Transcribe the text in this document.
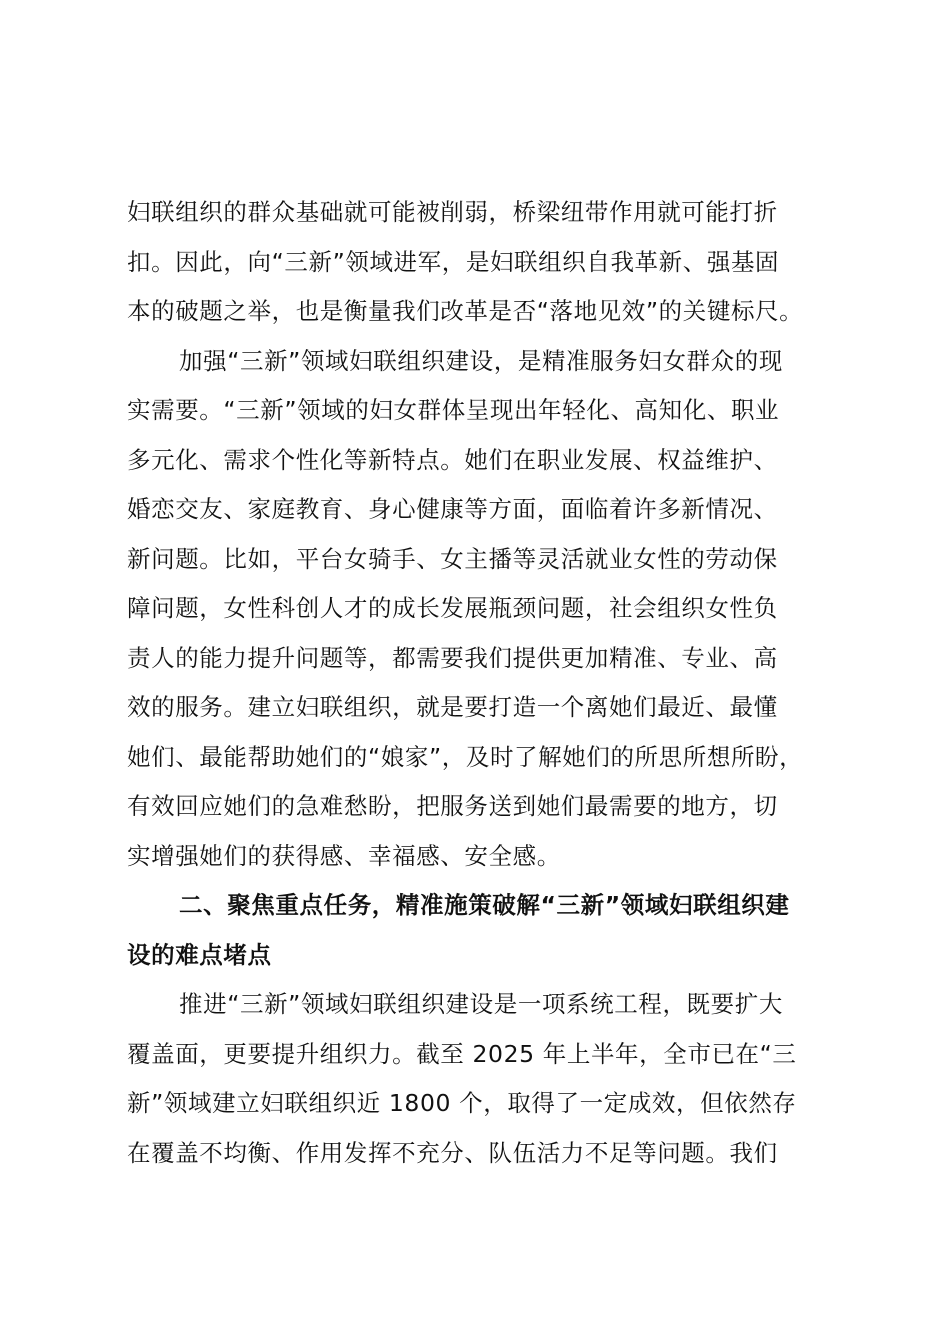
妇联组织的群众基础就可能被削弱，桥梁纽带作用就可能打折
扣。因此，向“三新”领域进军，是妇联组织自我革新、强基固
本的破题之举，也是衡量我们改革是否“落地见效”的关键标尺。
加强“三新”领域妇联组织建设，是精准服务妇女群众的现
实需要。“三新”领域的妇女群体呈现出年轻化、高知化、职业
多元化、需求个性化等新特点。她们在职业发展、权益维护、
婚恋交友、家庭教育、身心健康等方面，面临着许多新情况、
新问题。比如，平台女骑手、女主播等灵活就业女性的劳动保
障问题，女性科创人才的成长发展瓶颈问题，社会组织女性负
责人的能力提升问题等，都需要我们提供更加精准、专业、高
效的服务。建立妇联组织，就是要打造一个离她们最近、最懂
她们、最能帮助她们的“娘家”，及时了解她们的所思所想所盼，
有效回应她们的急难愁盼，把服务送到她们最需要的地方，切
实增强她们的获得感、幸福感、安全感。
二、聚焦重点任务，精准施策破解“三新”领域妇联组织建
设的难点堵点
推进“三新”领域妇联组织建设是一项系统工程，既要扩大
覆盖面，更要提升组织力。截至 2025 年上半年，全市已在“三
新”领域建立妇联组织近 1800 个，取得了一定成效，但依然存
在覆盖不均衡、作用发挥不充分、队伍活力不足等问题。我们
